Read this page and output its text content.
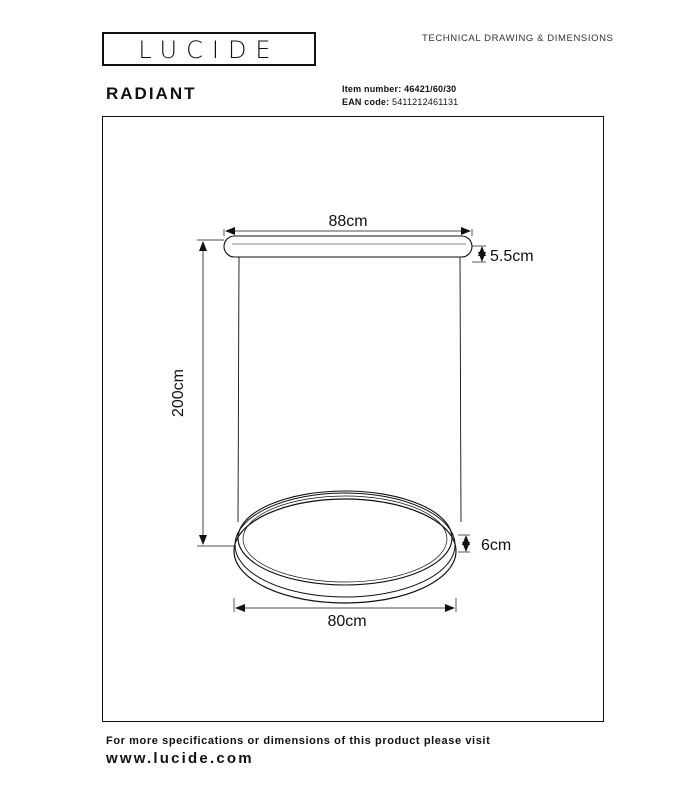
LUCIDE	TECHNICAL DRAWING & DIMENSIONS
RADIANT	Item number: 46421/60/30
EAN code: 5411212461131
88cm
5.5cm
200cm
6cm
80cm
For more specifications or dimensions of this product please visit
www.lucide.com
